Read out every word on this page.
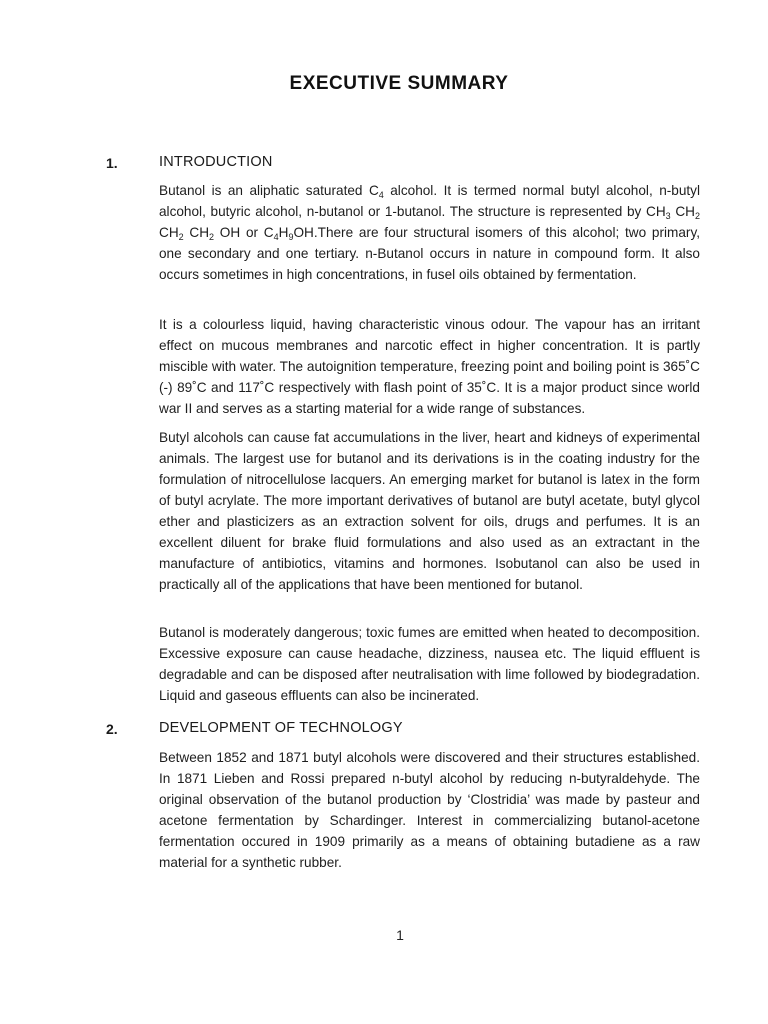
EXECUTIVE SUMMARY
1.	INTRODUCTION
Butanol is an aliphatic saturated $C_4$ alcohol. It is termed normal butyl alcohol, n-butyl alcohol, butyric alcohol, n-butanol or 1-butanol. The structure is represented by $CH_3$ $CH_2$ $CH_2$ $CH_2$ OH or $C_4H_9OH.There$ are four structural isomers of this alcohol; two primary, one secondary and one tertiary. n-Butanol occurs in nature in compound form. It also occurs sometimes in high concentrations, in fusel oils obtained by fermentation.
It is a colourless liquid, having characteristic vinous odour. The vapour has an irritant effect on mucous membranes and narcotic effect in higher concentration. It is partly miscible with water. The autoignition temperature, freezing point and boiling point is 365˚C (-) 89˚C and 117˚C respectively with flash point of 35˚C. It is a major product since world war II and serves as a starting material for a wide range of substances.
Butyl alcohols can cause fat accumulations in the liver, heart and kidneys of experimental animals. The largest use for butanol and its derivations is in the coating industry for the formulation of nitrocellulose lacquers. An emerging market for butanol is latex in the form of butyl acrylate. The more important derivatives of butanol are butyl acetate, butyl glycol ether and plasticizers as an extraction solvent for oils, drugs and perfumes. It is an excellent diluent for brake fluid formulations and also used as an extractant in the manufacture of antibiotics, vitamins and hormones. Isobutanol can also be used in practically all of the applications that have been mentioned for butanol.
Butanol is moderately dangerous; toxic fumes are emitted when heated to decomposition. Excessive exposure can cause headache, dizziness, nausea etc. The liquid effluent is degradable and can be disposed after neutralisation with lime followed by biodegradation. Liquid and gaseous effluents can also be incinerated.
2.	DEVELOPMENT OF TECHNOLOGY
Between 1852 and 1871 butyl alcohols were discovered and their structures established. In 1871 Lieben and Rossi prepared n-butyl alcohol by reducing n-butyraldehyde. The original observation of the butanol production by ‘Clostridia’ was made by pasteur and acetone fermentation by Schardinger. Interest in commercializing butanol-acetone fermentation occured in 1909 primarily as a means of obtaining butadiene as a raw material for a synthetic rubber.
1
